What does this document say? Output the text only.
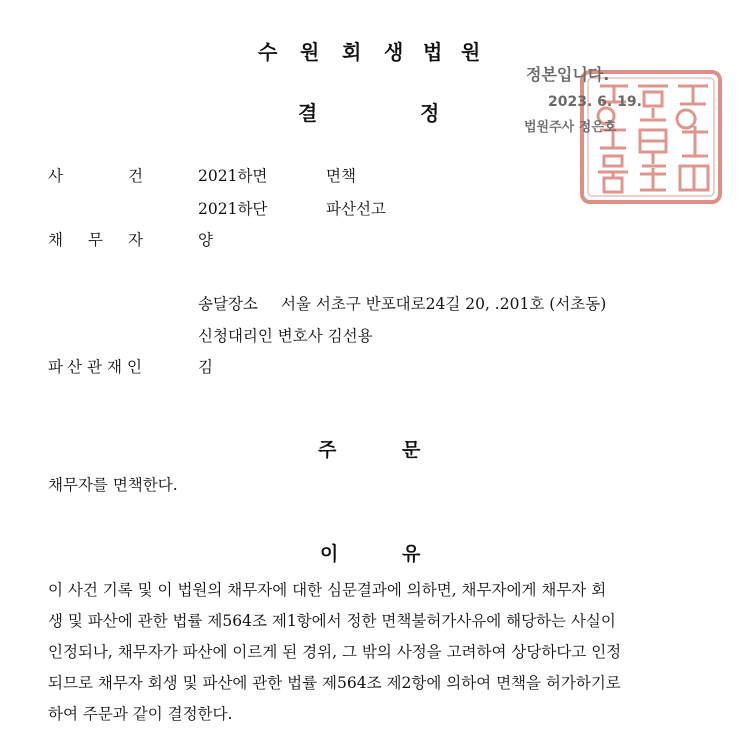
수 원 회 생 법 원
결	정
정본입니다.
2023. 6. 19.
법원주사 정은호
사	건	2021하면	면책
2021하단	파산선고
채 무 자	양
송달장소 서울 서초구 반포대로24길 20, .201호 (서초동)
신청대리인 변호사 김선용
파 산 관 재 인	김
주	문
채무자를 면책한다.
이	유

이 사건 기록 및 이 법원의 채무자에 대한 심문결과에 의하면, 채무자에게 채무자 회

생 및 파산에 관한 법률 제564조 제1항에서 정한 면책불허가사유에 해당하는 사실이

인정되나, 채무자가 파산에 이르게 된 경위, 그 밖의 사정을 고려하여 상당하다고 인정

되므로 채무자 회생 및 파산에 관한 법률 제564조 제2항에 의하여 면책을 허가하기로

하여 주문과 같이 결정한다.
